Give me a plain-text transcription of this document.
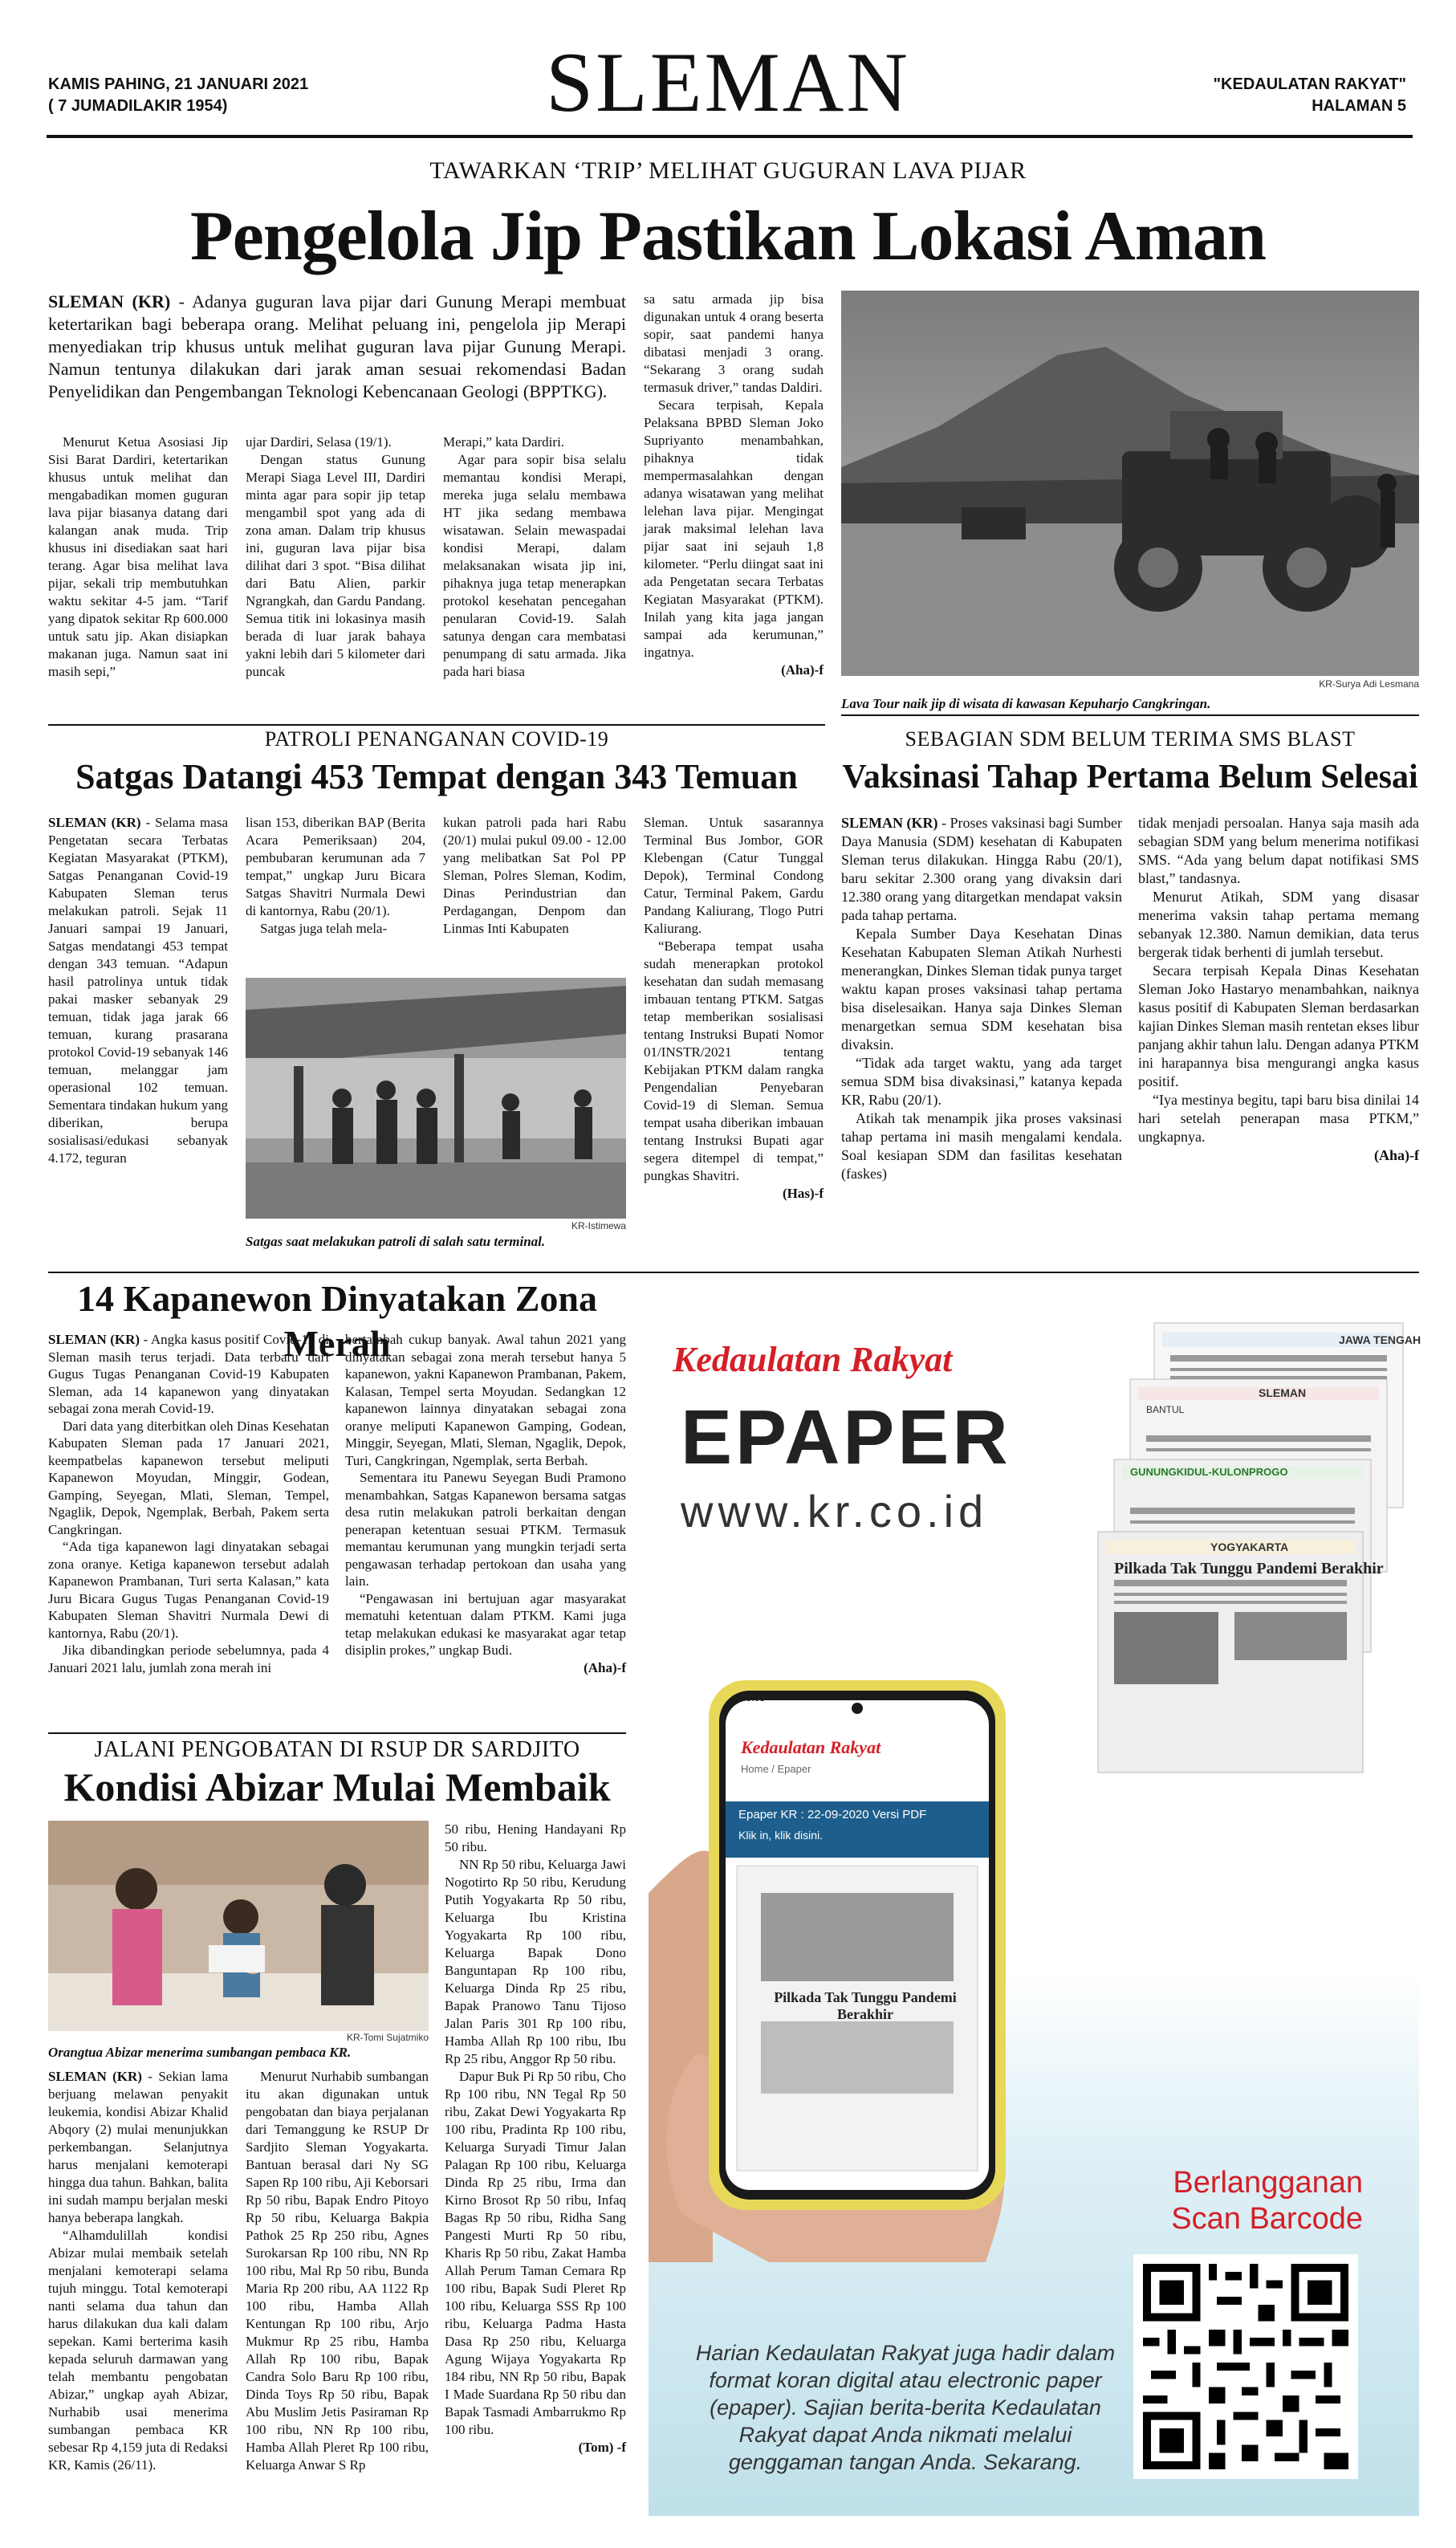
KAMIS PAHING, 21 JANUARI 2021
( 7 JUMADILAKIR 1954)	SLEMAN	"KEDAULATAN RAKYAT"
HALAMAN 5
TAWARKAN ‘TRIP’ MELIHAT GUGURAN LAVA PIJAR
Pengelola Jip Pastikan Lokasi Aman
SLEMAN (KR) - Adanya guguran lava pijar dari Gunung Merapi membuat ketertarikan bagi beberapa orang. Melihat peluang ini, pengelola jip Merapi menyediakan trip khusus untuk melihat guguran lava pijar Gunung Merapi. Namun tentunya dilakukan dari jarak aman sesuai rekomendasi Badan Penyelidikan dan Pengembangan Teknologi Kebencanaan Geologi (BPPTKG).

Menurut Ketua Asosiasi Jip Sisi Barat Dardiri, ketertarikan khusus untuk melihat dan mengabadikan momen guguran lava pijar biasanya datang dari kalangan anak muda. Trip khusus ini disediakan saat hari terang. Agar bisa melihat lava pijar, sekali trip membutuhkan waktu sekitar 4-5 jam. “Tarif yang dipatok sekitar Rp 600.000 untuk satu jip. Akan disiapkan makanan juga. Namun saat ini masih sepi,”

ujar Dardiri, Selasa (19/1).

Dengan status Gunung Merapi Siaga Level III, Dardiri minta agar para sopir jip tetap mengambil spot yang ada di zona aman. Dalam trip khusus ini, guguran lava pijar bisa dilihat dari 3 spot. “Bisa dilihat dari Batu Alien, parkir Ngrangkah, dan Gardu Pandang. Semua titik ini lokasinya masih berada di luar jarak bahaya yakni lebih dari 5 kilometer dari puncak

Merapi,” kata Dardiri.

Agar para sopir bisa selalu memantau kondisi Merapi, mereka juga selalu membawa HT jika sedang membawa wisatawan. Selain mewaspadai kondisi Merapi, dalam melaksanakan wisata jip ini, pihaknya juga tetap menerapkan protokol kesehatan pencegahan penularan Covid-19. Salah satunya dengan cara membatasi penumpang di satu armada. Jika pada hari biasa

sa satu armada jip bisa digunakan untuk 4 orang beserta sopir, saat pandemi hanya dibatasi menjadi 3 orang. “Sekarang 3 orang sudah termasuk driver,” tandas Daldiri.

Secara terpisah, Kepala Pelaksana BPBD Sleman Joko Supriyanto menambahkan, pihaknya tidak mempermasalahkan dengan adanya wisatawan yang melihat lelehan lava pijar. Mengingat jarak maksimal lelehan lava pijar saat ini sejauh 1,8 kilometer. “Perlu diingat saat ini ada Pengetatan secara Terbatas Kegiatan Masyarakat (PTKM). Inilah yang kita jaga jangan sampai ada kerumunan,” ingatnya.

(Aha)-f

KR-Surya Adi Lesmana
Lava Tour naik jip di wisata di kawasan Kepuharjo Cangkringan.
PATROLI PENANGANAN COVID-19
Satgas Datangi 453 Tempat dengan 343 Temuan

SLEMAN (KR) - Selama masa Pengetatan secara Terbatas Kegiatan Masyarakat (PTKM), Satgas Penanganan Covid-19 Kabupaten Sleman terus melakukan patroli. Sejak 11 Januari sampai 19 Januari, Satgas mendatangi 453 tempat dengan 343 temuan. “Adapun hasil patrolinya untuk tidak pakai masker sebanyak 29 temuan, tidak jaga jarak 66 temuan, kurang prasarana protokol Covid-19 sebanyak 146 temuan, melanggar jam operasional 102 temuan. Sementara tindakan hukum yang diberikan, berupa sosialisasi/edukasi sebanyak 4.172, teguran

lisan 153, diberikan BAP (Berita Acara Pemeriksaan) 204, pembubaran kerumunan ada 7 tempat,” ungkap Juru Bicara Satgas Shavitri Nurmala Dewi di kantornya, Rabu (20/1).

Satgas juga telah mela-

kukan patroli pada hari Rabu (20/1) mulai pukul 09.00 - 12.00 yang melibatkan Sat Pol PP Sleman, Polres Sleman, Kodim, Dinas Perindustrian dan Perdagangan, Denpom dan Linmas Inti Kabupaten

Sleman. Untuk sasarannya Terminal Bus Jombor, GOR Klebengan (Catur Tunggal Depok), Terminal Condong Catur, Terminal Pakem, Gardu Pandang Kaliurang, Tlogo Putri Kaliurang.

“Beberapa tempat usaha sudah menerapkan protokol kesehatan dan sudah memasang imbauan tentang PTKM. Satgas tetap memberikan sosialisasi tentang Instruksi Bupati Nomor 01/INSTR/2021 tentang Kebijakan PTKM dalam rangka Pengendalian Penyebaran Covid-19 di Sleman. Semua tempat usaha diberikan imbauan tentang Instruksi Bupati agar segera ditempel di tempat,” pungkas Shavitri.

(Has)-f

KR-Istimewa
Satgas saat melakukan patroli di salah satu terminal.
SEBAGIAN SDM BELUM TERIMA SMS BLAST
Vaksinasi Tahap Pertama Belum Selesai

SLEMAN (KR) - Proses vaksinasi bagi Sumber Daya Manusia (SDM) kesehatan di Kabupaten Sleman terus dilakukan. Hingga Rabu (20/1), baru sekitar 2.300 orang yang divaksin dari 12.380 orang yang ditargetkan mendapat vaksin pada tahap pertama.

Kepala Sumber Daya Kesehatan Dinas Kesehatan Kabupaten Sleman Atikah Nurhesti menerangkan, Dinkes Sleman tidak punya target waktu kapan proses vaksinasi tahap pertama bisa diselesaikan. Hanya saja Dinkes Sleman menargetkan semua SDM kesehatan bisa divaksin.

“Tidak ada target waktu, yang ada target semua SDM bisa divaksinasi,” katanya kepada KR, Rabu (20/1).

Atikah tak menampik jika proses vaksinasi tahap pertama ini masih mengalami kendala. Soal kesiapan SDM dan fasilitas kesehatan (faskes)

tidak menjadi persoalan. Hanya saja masih ada sebagian SDM yang belum menerima notifikasi SMS. “Ada yang belum dapat notifikasi SMS blast,” tandasnya.

Menurut Atikah, SDM yang disasar menerima vaksin tahap pertama memang sebanyak 12.380. Namun demikian, data terus bergerak tidak berhenti di jumlah tersebut.

Secara terpisah Kepala Dinas Kesehatan Sleman Joko Hastaryo menambahkan, naiknya kasus positif di Kabupaten Sleman berdasarkan kajian Dinkes Sleman masih rentetan ekses libur panjang akhir tahun lalu. Dengan adanya PTKM ini harapannya bisa mengurangi angka kasus positif.

“Iya mestinya begitu, tapi baru bisa dinilai 14 hari setelah penerapan masa PTKM,” ungkapnya.

(Aha)-f

14 Kapanewon Dinyatakan Zona Merah

SLEMAN (KR) - Angka kasus positif Covid-19 di Sleman masih terus terjadi. Data terbaru dari Gugus Tugas Penanganan Covid-19 Kabupaten Sleman, ada 14 kapanewon yang dinyatakan sebagai zona merah Covid-19.

Dari data yang diterbitkan oleh Dinas Kesehatan Kabupaten Sleman pada 17 Januari 2021, keempatbelas kapanewon tersebut meliputi Kapanewon Moyudan, Minggir, Godean, Gamping, Seyegan, Mlati, Sleman, Tempel, Ngaglik, Depok, Ngemplak, Berbah, Pakem serta Cangkringan.

“Ada tiga kapanewon lagi dinyatakan sebagai zona oranye. Ketiga kapanewon tersebut adalah Kapanewon Prambanan, Turi serta Kalasan,” kata Juru Bicara Gugus Tugas Penanganan Covid-19 Kabupaten Sleman Shavitri Nurmala Dewi di kantornya, Rabu (20/1).

Jika dibandingkan periode sebelumnya, pada 4 Januari 2021 lalu, jumlah zona merah ini

bertambah cukup banyak. Awal tahun 2021 yang dinyatakan sebagai zona merah tersebut hanya 5 kapanewon, yakni Kapanewon Prambanan, Pakem, Kalasan, Tempel serta Moyudan. Sedangkan 12 kapanewon lainnya dinyatakan sebagai zona oranye meliputi Kapanewon Gamping, Godean, Minggir, Seyegan, Mlati, Sleman, Ngaglik, Depok, Turi, Cangkringan, Ngemplak, serta Berbah.

Sementara itu Panewu Seyegan Budi Pramono menambahkan, Satgas Kapanewon bersama satgas desa rutin melakukan patroli berkaitan dengan penerapan ketentuan sesuai PTKM. Termasuk memantau kerumunan yang mungkin terjadi serta pengawasan terhadap pertokoan dan usaha yang lain.

“Pengawasan ini bertujuan agar masyarakat mematuhi ketentuan dalam PTKM. Kami juga tetap melakukan edukasi ke masyarakat agar tetap disiplin prokes,” ungkap Budi.

(Aha)-f

JALANI PENGOBATAN DI RSUP DR SARDJITO
Kondisi Abizar Mulai Membaik
KR-Tomi Sujatmiko
Orangtua Abizar menerima sumbangan pembaca KR.

SLEMAN (KR) - Sekian lama berjuang melawan penyakit leukemia, kondisi Abizar Khalid Abqory (2) mulai menunjukkan perkembangan. Selanjutnya harus menjalani kemoterapi hingga dua tahun. Bahkan, balita ini sudah mampu berjalan meski hanya beberapa langkah.

“Alhamdulillah kondisi Abizar mulai membaik setelah menjalani kemoterapi selama tujuh minggu. Total kemoterapi nanti selama dua tahun dan harus dilakukan dua kali dalam sepekan. Kami berterima kasih kepada seluruh darmawan yang telah membantu pengobatan Abizar,” ungkap ayah Abizar, Nurhabib usai menerima sumbangan pembaca KR sebesar Rp 4,159 juta di Redaksi KR, Kamis (26/11).

Menurut Nurhabib sumbangan itu akan digunakan untuk pengobatan dan biaya perjalanan dari Temanggung ke RSUP Dr Sardjito Sleman Yogyakarta. Bantuan berasal dari Ny SG Sapen Rp 100 ribu, Aji Keborsari Rp 50 ribu, Bapak Endro Pitoyo Rp 50 ribu, Keluarga Bakpia Pathok 25 Rp 250 ribu, Agnes Surokarsan Rp 100 ribu, NN Rp 100 ribu, Mal Rp 50 ribu, Bunda Maria Rp 200 ribu, AA 1122 Rp 100 ribu, Hamba Allah Kentungan Rp 100 ribu, Arjo Mukmur Rp 25 ribu, Hamba Allah Rp 100 ribu, Bapak Candra Solo Baru Rp 100 ribu, Dinda Toys Rp 50 ribu, Bapak Abu Muslim Jetis Pasiraman Rp 100 ribu, NN Rp 100 ribu, Hamba Allah Pleret Rp 100 ribu, Keluarga Anwar S Rp

50 ribu, Hening Handayani Rp 50 ribu.

NN Rp 50 ribu, Keluarga Jawi Nogotirto Rp 50 ribu, Kerudung Putih Yogyakarta Rp 50 ribu, Keluarga Ibu Kristina Yogyakarta Rp 100 ribu, Keluarga Bapak Dono Banguntapan Rp 100 ribu, Keluarga Dinda Rp 25 ribu, Bapak Pranowo Tanu Tijoso Jalan Paris 301 Rp 100 ribu, Hamba Allah Rp 100 ribu, Ibu Rp 25 ribu, Anggor Rp 50 ribu.

Dapur Buk Pi Rp 50 ribu, Cho Rp 100 ribu, NN Tegal Rp 50 ribu, Zakat Dewi Yogyakarta Rp 100 ribu, Pradinta Rp 100 ribu, Keluarga Suryadi Timur Jalan Palagan Rp 100 ribu, Keluarga Dinda Rp 25 ribu, Irma dan Kirno Brosot Rp 50 ribu, Infaq Bagas Rp 50 ribu, Ridha Sang Pangesti Murti Rp 50 ribu, Kharis Rp 50 ribu, Zakat Hamba Allah Perum Taman Cemara Rp 100 ribu, Bapak Sudi Pleret Rp 100 ribu, Keluarga SSS Rp 100 ribu, Keluarga Padma Hasta Dasa Rp 250 ribu, Keluarga Agung Wijaya Yogyakarta Rp 184 ribu, NN Rp 50 ribu, Bapak I Made Suardana Rp 50 ribu dan Bapak Tasmadi Ambarrukmo Rp 100 ribu.

(Tom) -f

Kedaulatan Rakyat
EPAPER
www.kr.co.id
JAWA TENGAH
SLEMAN
GUNUNGKIDUL-KULONPROGO
YOGYAKARTA
BANTUL
Pilkada Tak Tunggu Pandemi Berakhir
09:03
Kedaulatan Rakyat
Home / Epaper
Epaper KR : 22-09-2020 Versi PDF
Klik in, klik disini.
Pilkada Tak Tunggu Pandemi Berakhir
Berlangganan
Scan Barcode
Harian Kedaulatan Rakyat juga hadir dalam format koran digital atau electronic paper (epaper). Sajian berita-berita Kedaulatan Rakyat dapat Anda nikmati melalui genggaman tangan Anda. Sekarang.
